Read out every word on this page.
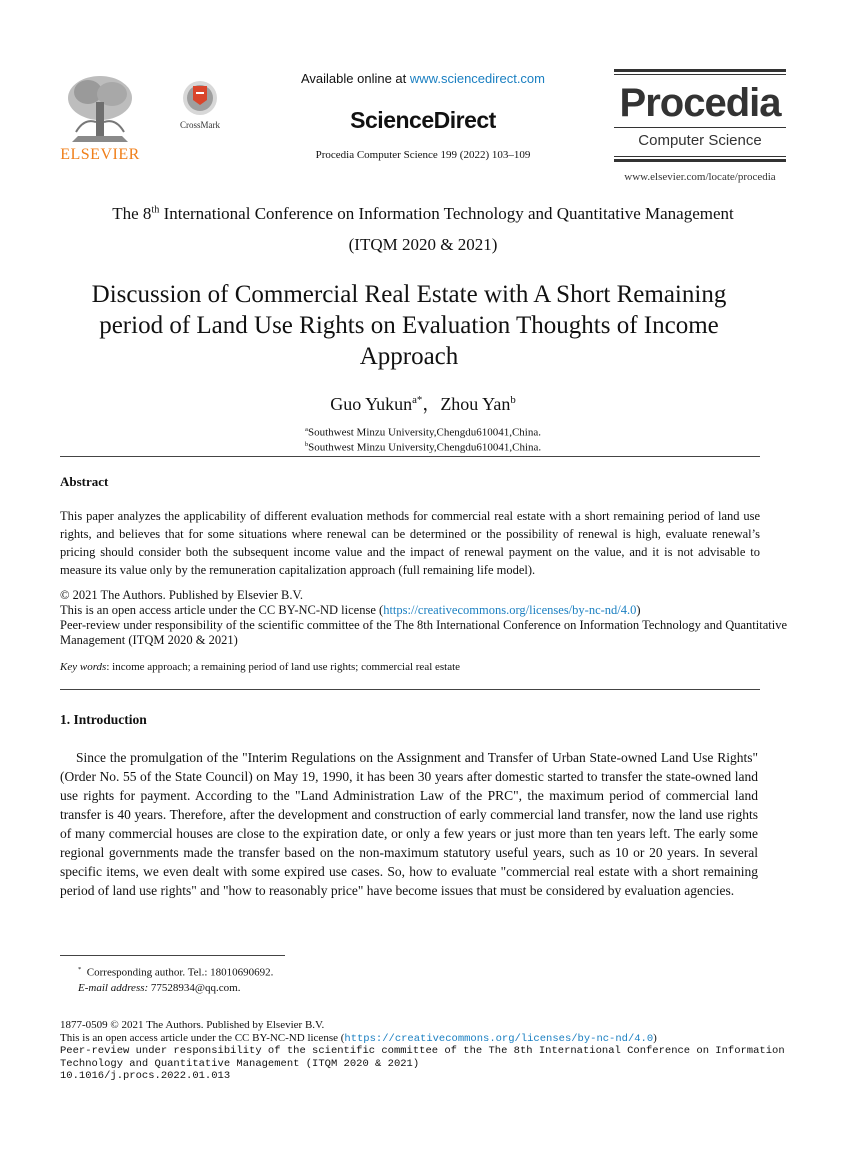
ELSEVIER
CrossMark
Available online at www.sciencedirect.com
ScienceDirect
Procedia Computer Science 199 (2022) 103–109
Procedia
Computer Science
www.elsevier.com/locate/procedia
The 8th International Conference on Information Technology and Quantitative Management
(ITQM 2020 & 2021)
Discussion of Commercial Real Estate with A Short Remaining
period of Land Use Rights on Evaluation Thoughts of Income
Approach
Guo Yukun$^{a*}$，Zhou Yan$^b$
$^a$Southwest Minzu University,Chengdu610041,China.
$^b$Southwest Minzu University,Chengdu610041,China.
Abstract
This paper analyzes the applicability of different evaluation methods for commercial real estate with a short remaining period of land use rights, and believes that for some situations where renewal can be determined or the possibility of renewal is high, evaluate renewal’s pricing should consider both the subsequent income value and the impact of renewal payment on the value, and it is not advisable to measure its value only by the remuneration capitalization approach (full remaining life model).
© 2021 The Authors. Published by Elsevier B.V.
This is an open access article under the CC BY-NC-ND license (https://creativecommons.org/licenses/by-nc-nd/4.0)
Peer-review under responsibility of the scientific committee of the The 8th International Conference on Information Technology and Quantitative Management (ITQM 2020 & 2021)
Key words: income approach; a remaining period of land use rights; commercial real estate
1. Introduction
Since the promulgation of the "Interim Regulations on the Assignment and Transfer of Urban State-owned Land Use Rights" (Order No. 55 of the State Council) on May 19, 1990, it has been 30 years after domestic started to transfer the state-owned land use rights for payment. According to the "Land Administration Law of the PRC", the maximum period of commercial land transfer is 40 years. Therefore, after the development and construction of early commercial land transfer, now the land use rights of many commercial houses are close to the expiration date, or only a few years or just more than ten years left. The early some regional governments made the transfer based on the non-maximum statutory useful years, such as 10 or 20 years. In several specific items, we even dealt with some expired use cases. So, how to evaluate "commercial real estate with a short remaining period of land use rights" and "how to reasonably price" have become issues that must be considered by evaluation agencies.
* Corresponding author. Tel.: 18010690692.
E-mail address: 77528934@qq.com.
1877-0509 © 2021 The Authors. Published by Elsevier B.V.
This is an open access article under the CC BY-NC-ND license (https://creativecommons.org/licenses/by-nc-nd/4.0)
Peer-review under responsibility of the scientific committee of the The 8th International Conference on Information Technology and Quantitative Management (ITQM 2020 & 2021)
10.1016/j.procs.2022.01.013
